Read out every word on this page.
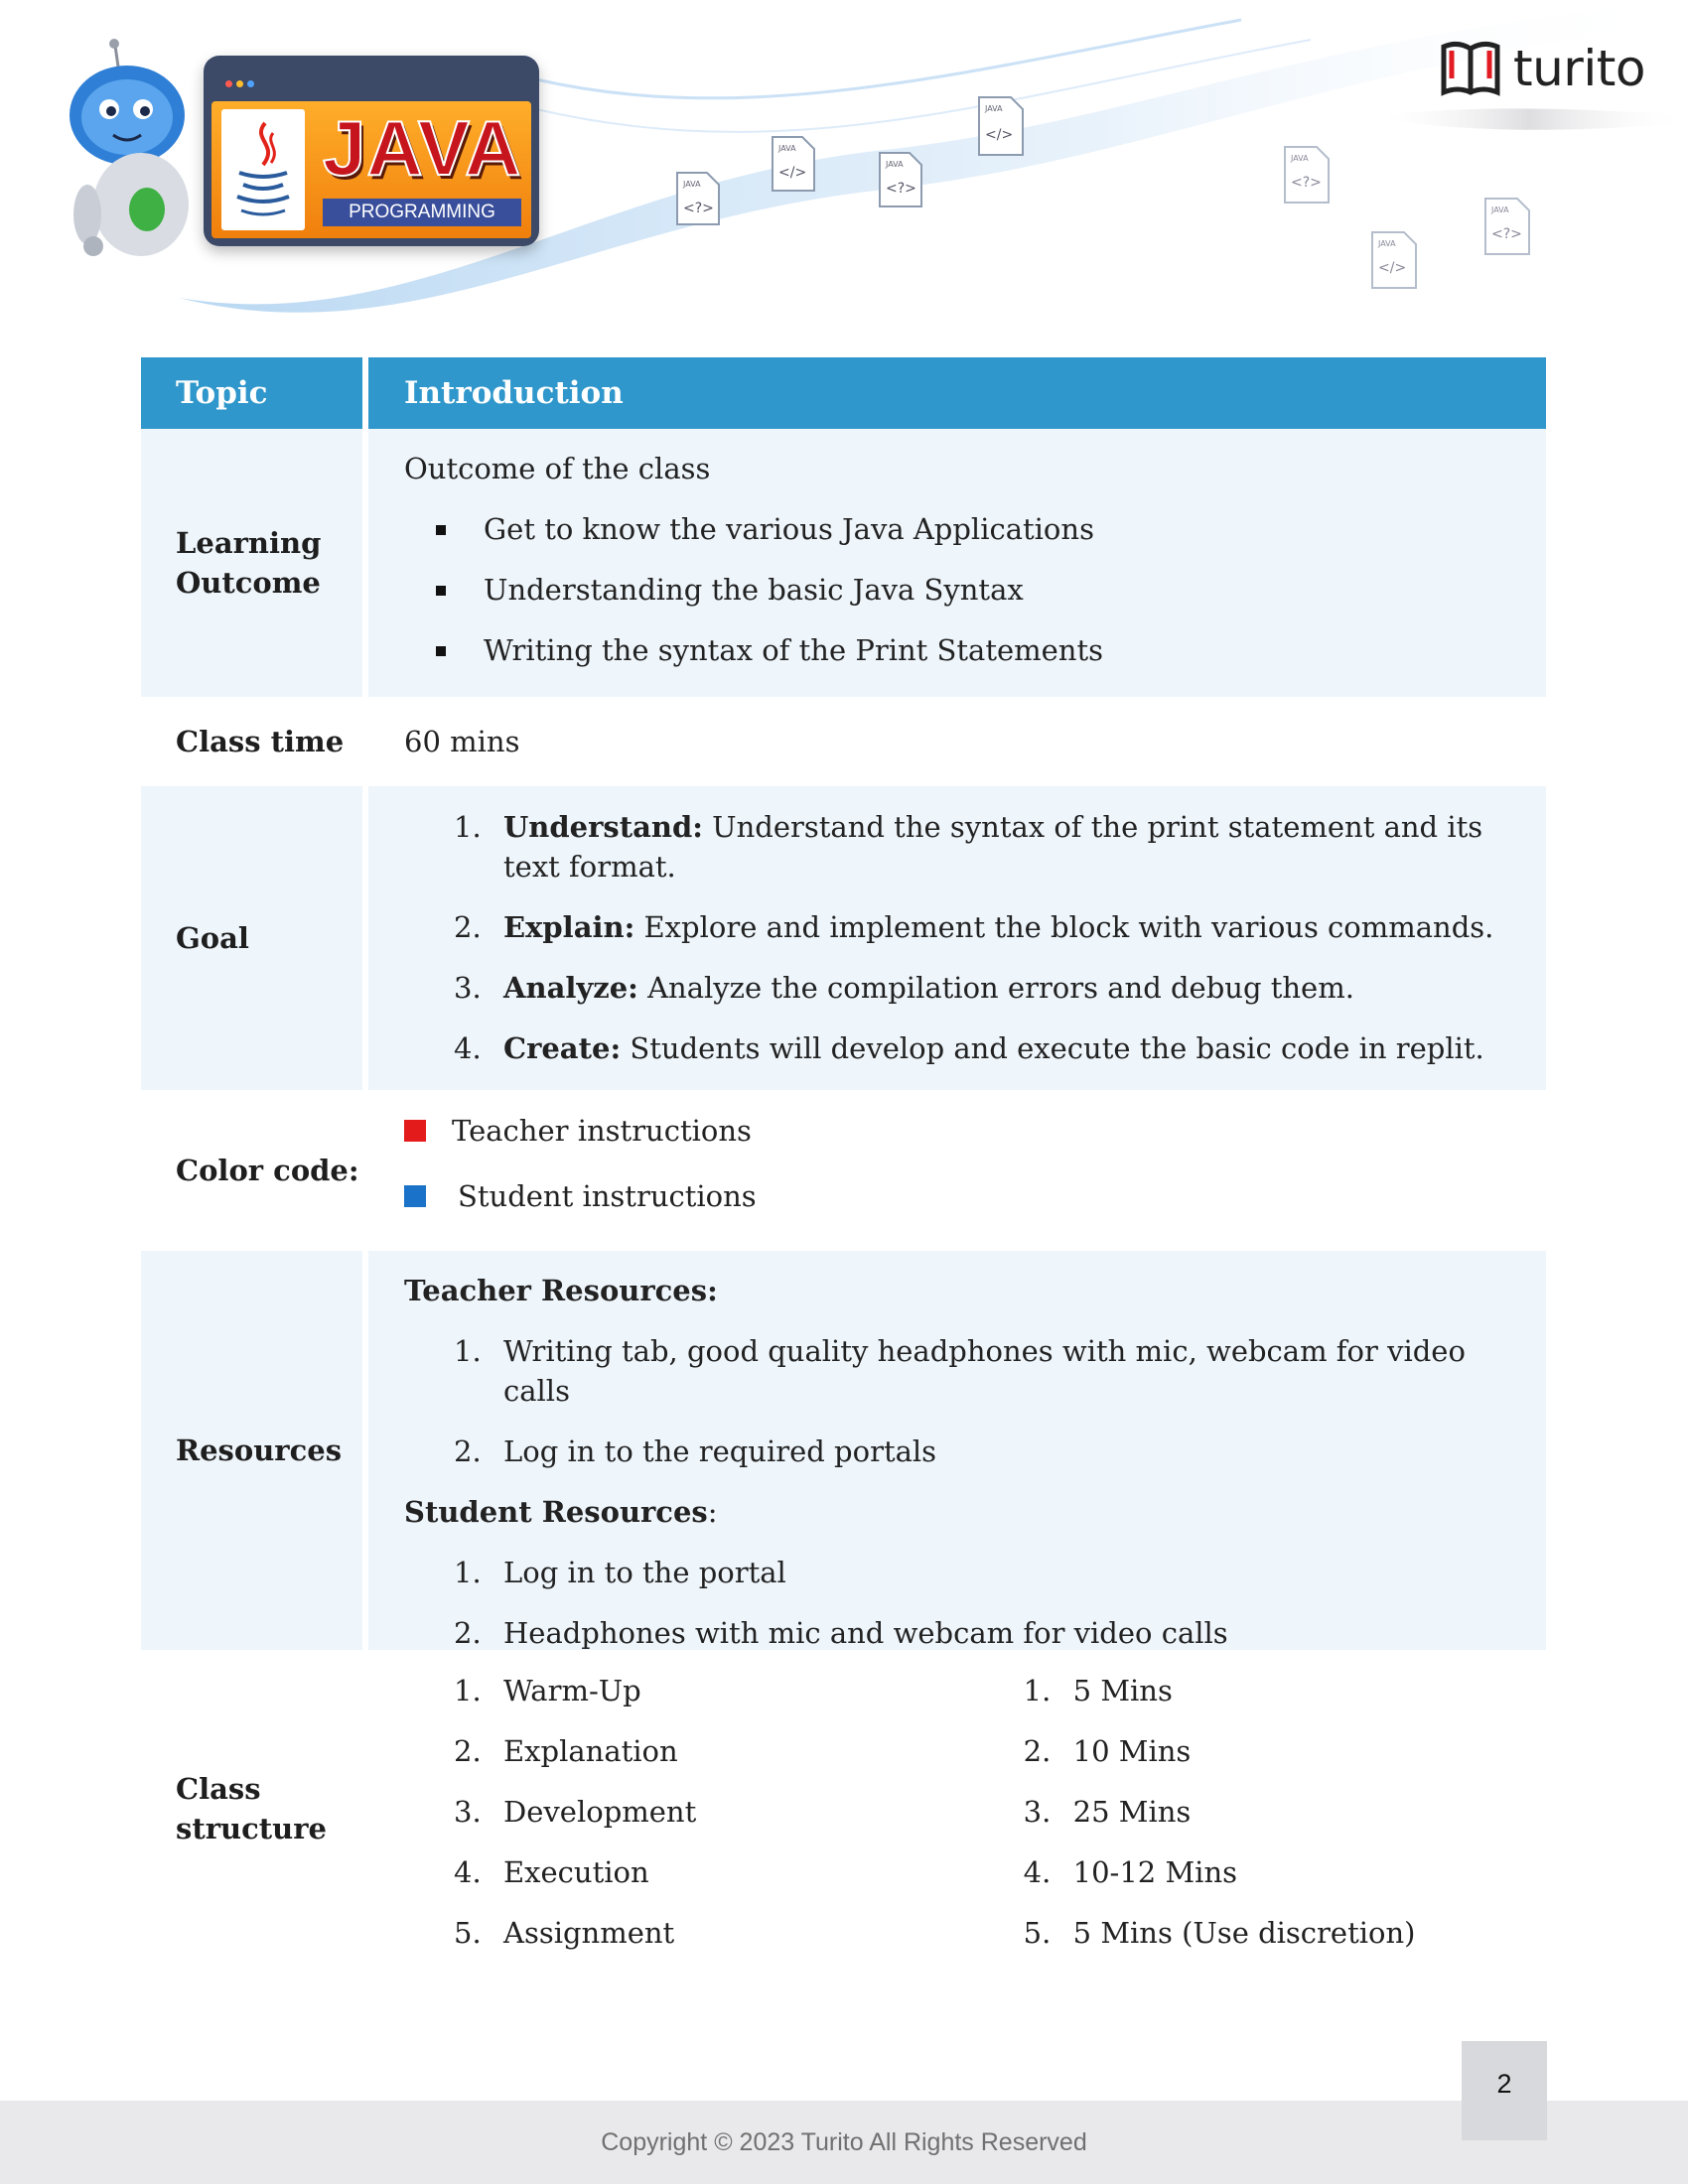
JAVA
PROGRAMMING
JAVA
<?>
JAVA
</>
JAVA
<?>
JAVA
</>
JAVA
<?>
JAVA
</>
JAVA
<?>
turito
Topic	Introduction
Learning Outcome

Outcome of the class

Get to know the various Java Applications
Understanding the basic Java Syntax
Writing the syntax of the Print Statements
Class time	60 mins
Goal
1. Understand: Understand the syntax of the print statement and its text format.
2. Explain: Explore and implement the block with various commands.
3. Analyze: Analyze the compilation errors and debug them.
4. Create: Students will develop and execute the basic code in replit.
Color code:
Teacher instructions
Student instructions
Resources

Teacher Resources:

1. Writing tab, good quality headphones with mic, webcam for video calls
2. Log in to the required portals

Student Resources:

1. Log in to the portal
2. Headphones with mic and webcam for video calls
Class structure
1. Warm-Up
2. Explanation
3. Development
4. Execution
5. Assignment
1. 5 Mins
2. 10 Mins
3. 25 Mins
4. 10-12 Mins
5. 5 Mins (Use discretion)
Copyright © 2023 Turito All Rights Reserved
2
